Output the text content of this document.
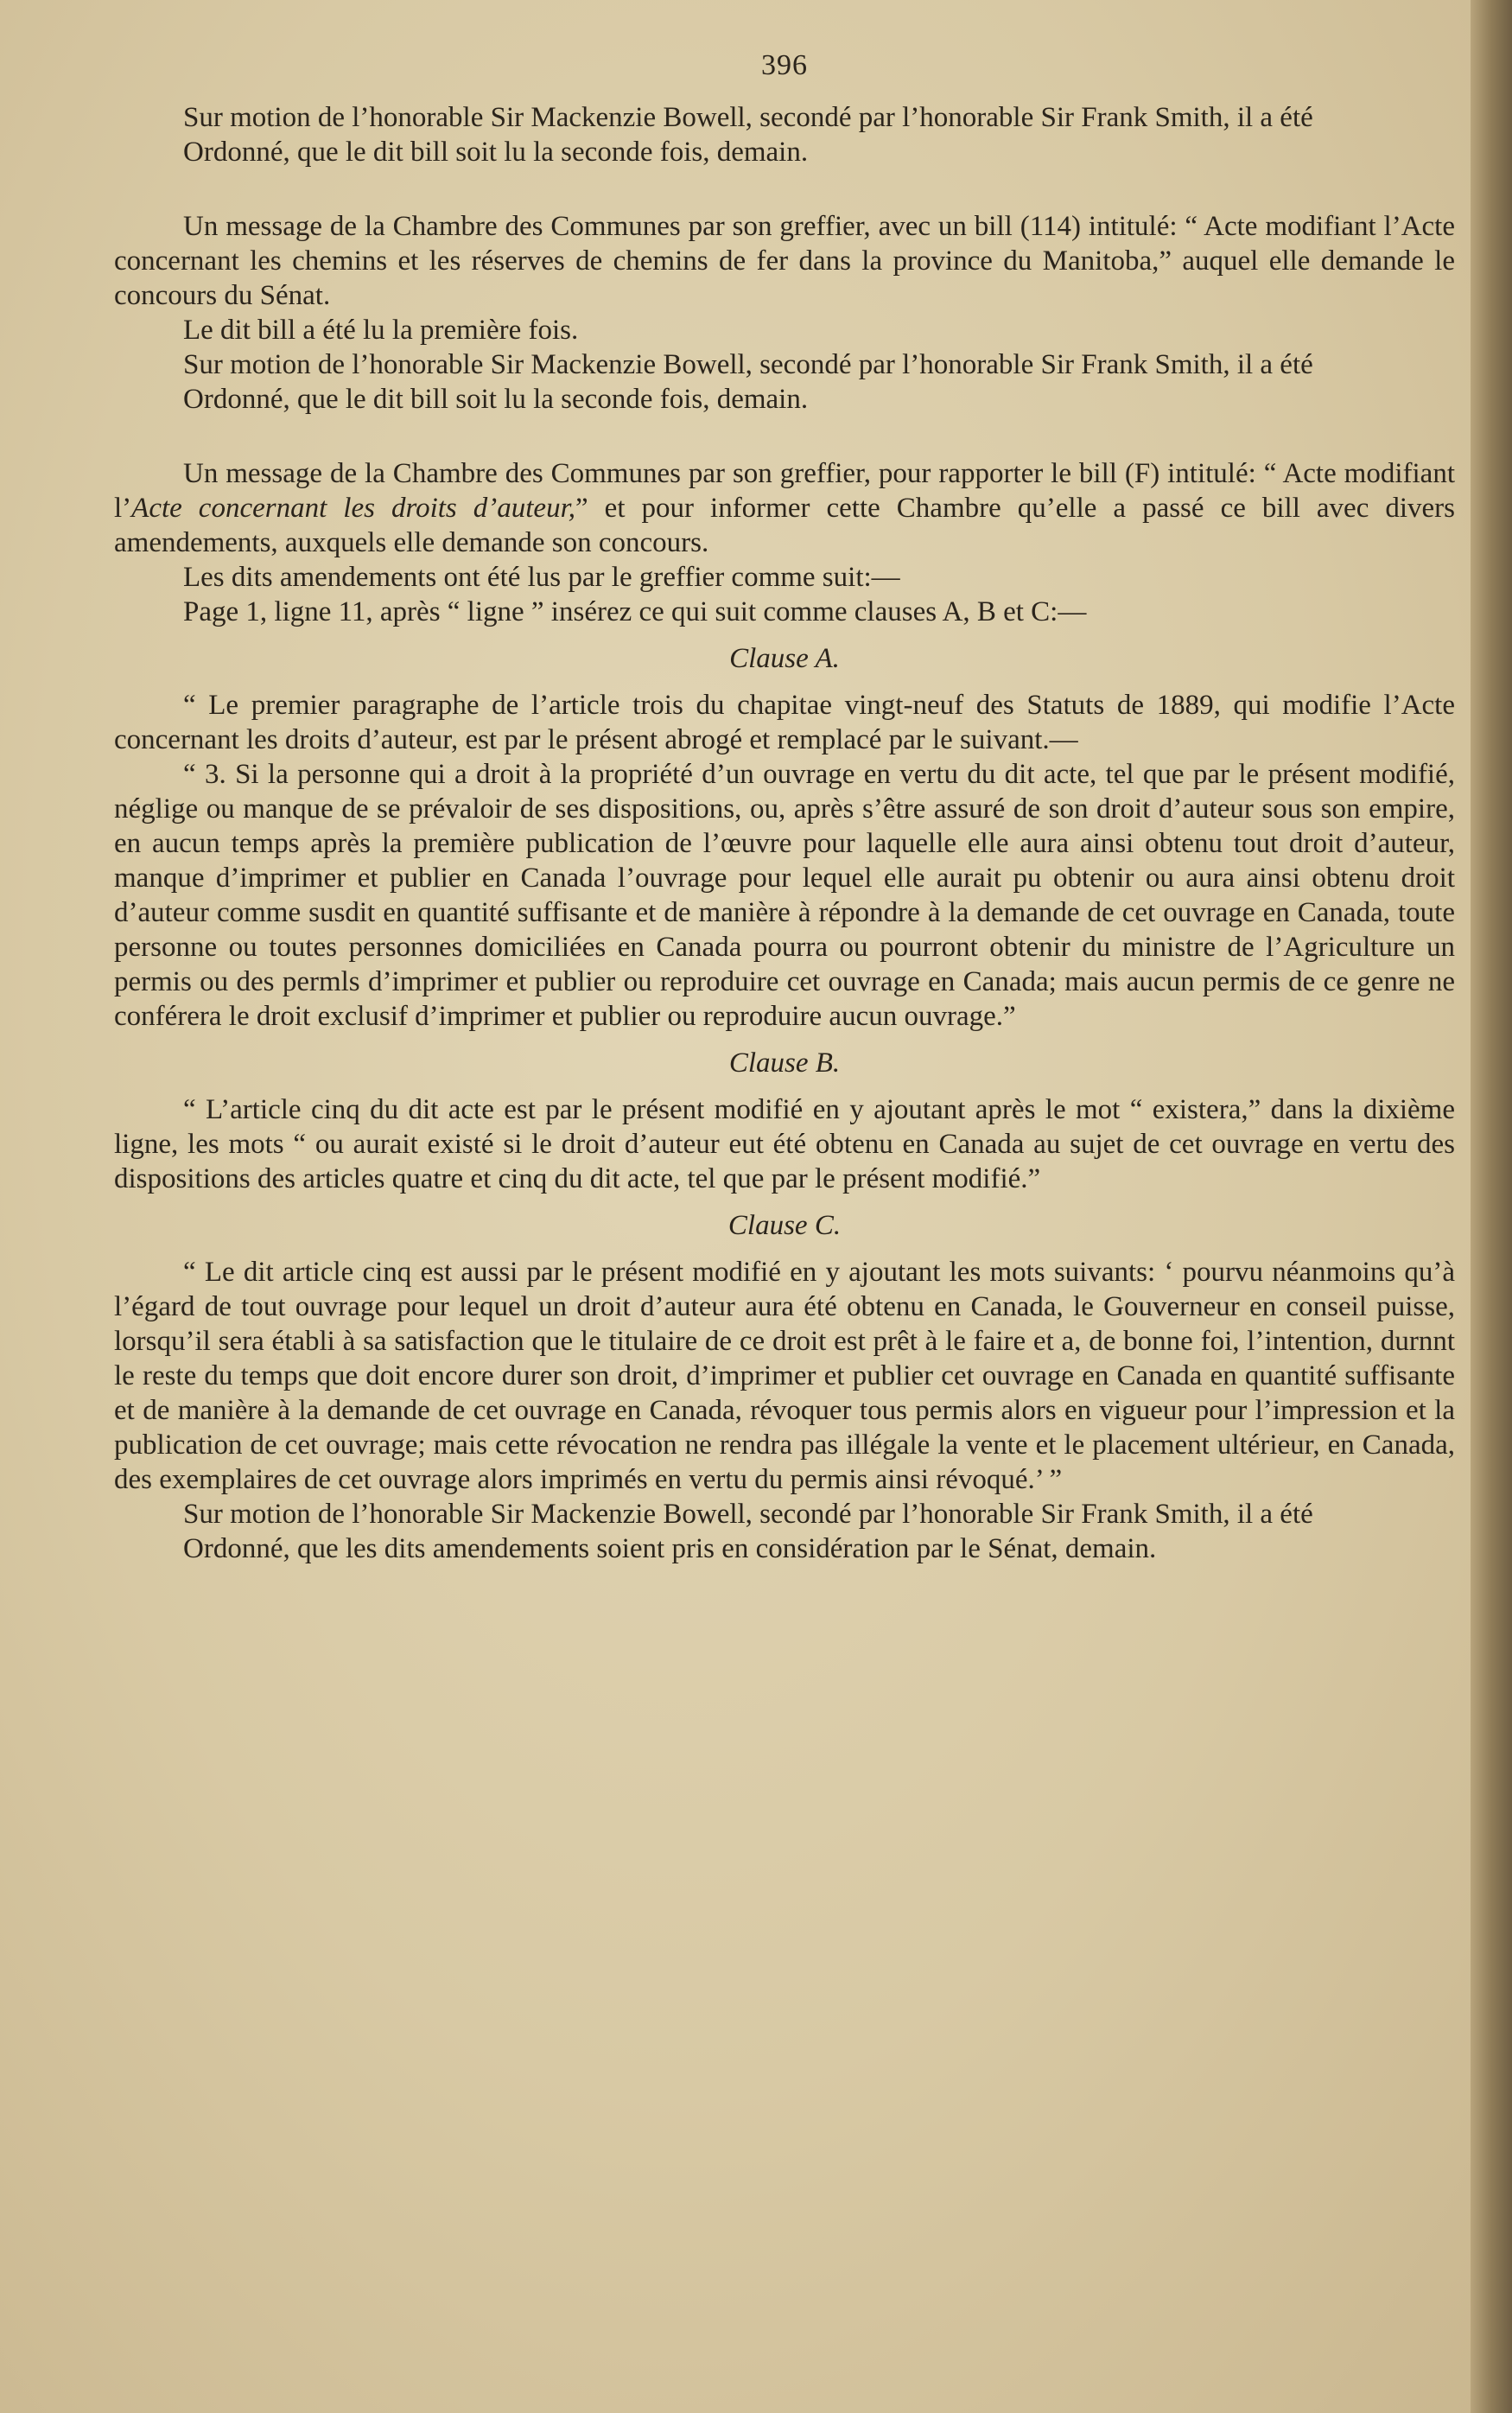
396

Sur motion de l’honorable Sir Mackenzie Bowell, secondé par l’honorable Sir Frank Smith, il a été

Ordonné, que le dit bill soit lu la seconde fois, demain.

Un message de la Chambre des Communes par son greffier, avec un bill (114) intitulé: “ Acte modifiant l’Acte concernant les chemins et les réserves de chemins de fer dans la province du Manitoba,” auquel elle demande le concours du Sénat.

Le dit bill a été lu la première fois.

Sur motion de l’honorable Sir Mackenzie Bowell, secondé par l’honorable Sir Frank Smith, il a été

Ordonné, que le dit bill soit lu la seconde fois, demain.

Un message de la Chambre des Communes par son greffier, pour rapporter le bill (F) intitulé: “ Acte modifiant l’Acte concernant les droits d’auteur,” et pour informer cette Chambre qu’elle a passé ce bill avec divers amendements, auxquels elle demande son concours.

Les dits amendements ont été lus par le greffier comme suit:—

Page 1, ligne 11, après “ ligne ” insérez ce qui suit comme clauses A, B et C:—

Clause A.

“ Le premier paragraphe de l’article trois du chapitae vingt-neuf des Statuts de 1889, qui modifie l’Acte concernant les droits d’auteur, est par le présent abrogé et remplacé par le suivant.—

“ 3. Si la personne qui a droit à la propriété d’un ouvrage en vertu du dit acte, tel que par le présent modifié, néglige ou manque de se prévaloir de ses dispositions, ou, après s’être assuré de son droit d’auteur sous son empire, en aucun temps après la première publication de l’œuvre pour laquelle elle aura ainsi obtenu tout droit d’auteur, manque d’imprimer et publier en Canada l’ouvrage pour lequel elle aurait pu obtenir ou aura ainsi obtenu droit d’auteur comme susdit en quantité suffisante et de manière à répondre à la demande de cet ouvrage en Canada, toute personne ou toutes personnes domiciliées en Canada pourra ou pourront obtenir du ministre de l’Agriculture un permis ou des permls d’imprimer et publier ou reproduire cet ouvrage en Canada; mais aucun permis de ce genre ne conférera le droit exclusif d’imprimer et publier ou reproduire aucun ouvrage.”

Clause B.

“ L’article cinq du dit acte est par le présent modifié en y ajoutant après le mot “ existera,” dans la dixième ligne, les mots “ ou aurait existé si le droit d’auteur eut été obtenu en Canada au sujet de cet ouvrage en vertu des dispositions des articles quatre et cinq du dit acte, tel que par le présent modifié.”

Clause C.

“ Le dit article cinq est aussi par le présent modifié en y ajoutant les mots suivants: ‘ pourvu néanmoins qu’à l’égard de tout ouvrage pour lequel un droit d’auteur aura été obtenu en Canada, le Gouverneur en conseil puisse, lorsqu’il sera établi à sa satisfaction que le titulaire de ce droit est prêt à le faire et a, de bonne foi, l’intention, durnnt le reste du temps que doit encore durer son droit, d’imprimer et publier cet ouvrage en Canada en quantité suffisante et de manière à la demande de cet ouvrage en Canada, révoquer tous permis alors en vigueur pour l’impression et la publication de cet ouvrage; mais cette révocation ne rendra pas illégale la vente et le placement ultérieur, en Canada, des exemplaires de cet ouvrage alors imprimés en vertu du permis ainsi révoqué.’ ”

Sur motion de l’honorable Sir Mackenzie Bowell, secondé par l’honorable Sir Frank Smith, il a été

Ordonné, que les dits amendements soient pris en considération par le Sénat, demain.
